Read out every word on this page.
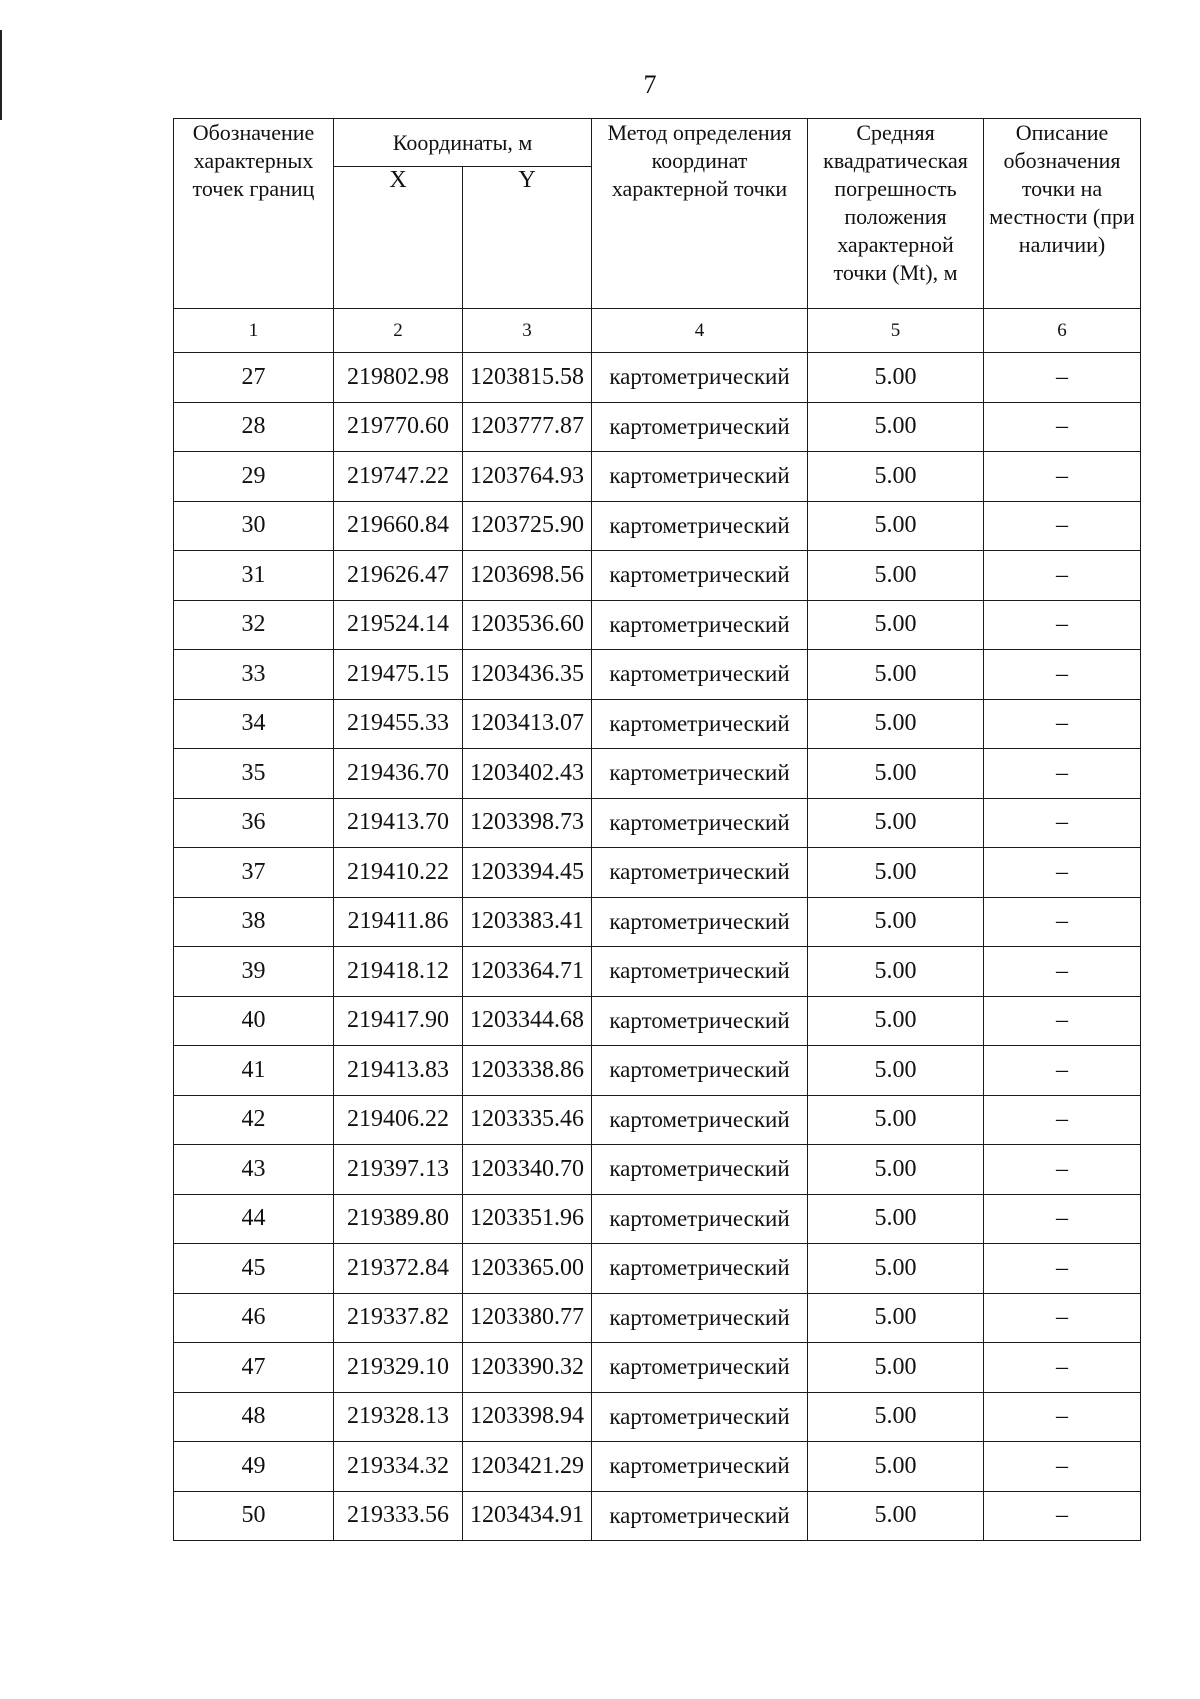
7
Обозначение характерных точек границ	Координаты, м		Метод определения координат характерной точки	Средняя квадратическая погрешность положения характерной точки (Mt), м	Описание обозначения точки на местности (при наличии)
	X	Y			
1	2	3	4	5	6
27	219802.98	1203815.58	картометрический	5.00	–
28	219770.60	1203777.87	картометрический	5.00	–
29	219747.22	1203764.93	картометрический	5.00	–
30	219660.84	1203725.90	картометрический	5.00	–
31	219626.47	1203698.56	картометрический	5.00	–
32	219524.14	1203536.60	картометрический	5.00	–
33	219475.15	1203436.35	картометрический	5.00	–
34	219455.33	1203413.07	картометрический	5.00	–
35	219436.70	1203402.43	картометрический	5.00	–
36	219413.70	1203398.73	картометрический	5.00	–
37	219410.22	1203394.45	картометрический	5.00	–
38	219411.86	1203383.41	картометрический	5.00	–
39	219418.12	1203364.71	картометрический	5.00	–
40	219417.90	1203344.68	картометрический	5.00	–
41	219413.83	1203338.86	картометрический	5.00	–
42	219406.22	1203335.46	картометрический	5.00	–
43	219397.13	1203340.70	картометрический	5.00	–
44	219389.80	1203351.96	картометрический	5.00	–
45	219372.84	1203365.00	картометрический	5.00	–
46	219337.82	1203380.77	картометрический	5.00	–
47	219329.10	1203390.32	картометрический	5.00	–
48	219328.13	1203398.94	картометрический	5.00	–
49	219334.32	1203421.29	картометрический	5.00	–
50	219333.56	1203434.91	картометрический	5.00	–
